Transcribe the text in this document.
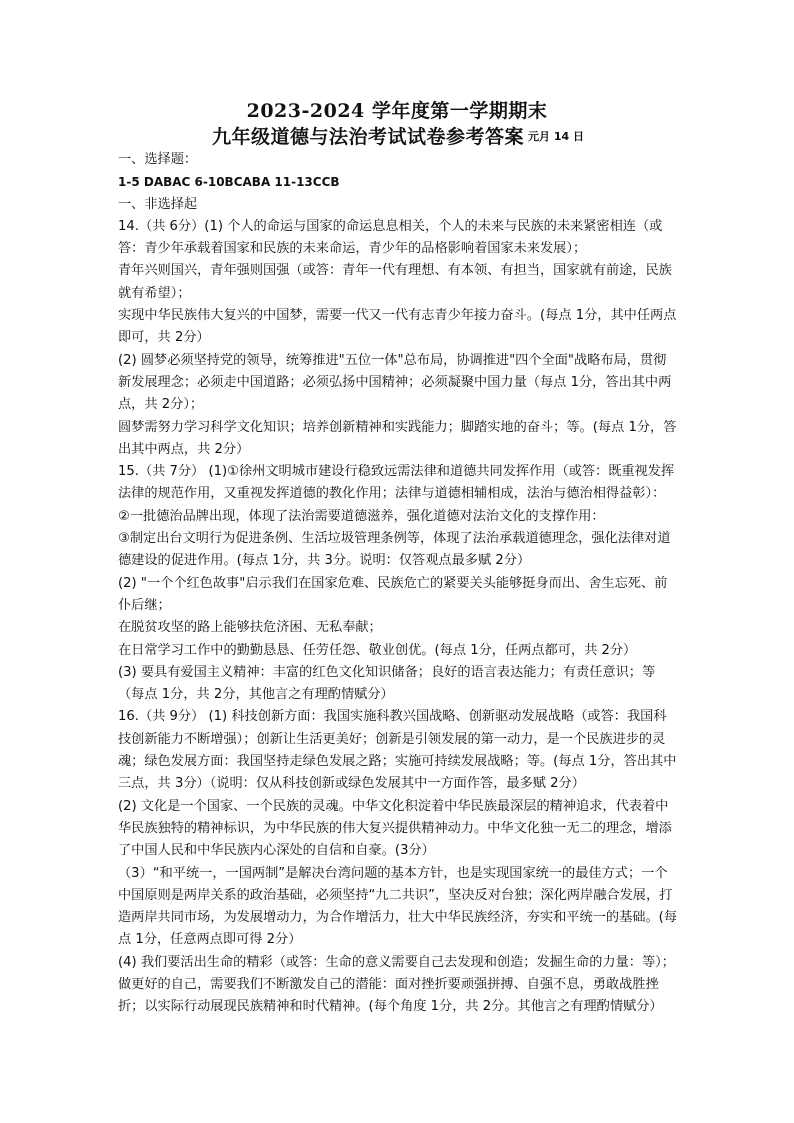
2023-2024 学年度第一学期期末
九年级道德与法治考试试卷参考答案 元月 14 日

一、选择题：

1-5 DABAC 6-10BCABA 11-13CCB

一、非选择起

14.（共 6分）(1) 个人的命运与国家的命运息息相关，个人的未来与民族的未来紧密相连（或答：青少年承载着国家和民族的未来命运，青少年的品格影响着国家未来发展）；

青年兴则国兴，青年强则国强（或答：青年一代有理想、有本领、有担当，国家就有前途，民族就有希望）；

实现中华民族伟大复兴的中国梦，需要一代又一代有志青少年接力奋斗。(每点 1分，其中任两点即可，共 2分）

(2) 圆梦必须坚持党的领导，统筹推进"五位一体"总布局，协调推进"四个全面"战略布局，贯彻新发展理念；必须走中国道路；必须弘扬中国精神；必须凝聚中国力量（每点 1分，答出其中两点，共 2分）；

圆梦需努力学习科学文化知识；培养创新精神和实践能力；脚踏实地的奋斗；等。(每点 1分，答出其中两点，共 2分）

15.（共 7分） (1)①徐州文明城市建设行稳致远需法律和道德共同发挥作用（或答：既重视发挥法律的规范作用，又重视发挥道德的教化作用；法律与道德相辅相成，法治与德治相得益彰）：

②一批德治品牌出现，体现了法治需要道德滋养，强化道德对法治文化的支撑作用：

③制定出台文明行为促进条例、生活垃圾管理条例等，体现了法治承载道德理念，强化法律对道德建设的促进作用。(每点 1分，共 3分。说明：仅答观点最多赋 2分）

(2) "一个个红色故事"启示我们在国家危难、民族危亡的紧要关头能够挺身而出、舍生忘死、前仆后继；

在脱贫攻坚的路上能够扶危济困、无私奉献；

在日常学习工作中的勤勤恳恳、任劳任怨、敬业创优。(每点 1分，任两点都可，共 2分）

(3) 要具有爱国主义精神：丰富的红色文化知识储备；良好的语言表达能力；有责任意识；等（每点 1分，共 2分，其他言之有理酌情赋分）

16.（共 9分） (1) 科技创新方面：我国实施科教兴国战略、创新驱动发展战略（或答：我国科技创新能力不断增强）；创新让生活更美好；创新是引领发展的第一动力，是一个民族进步的灵魂；绿色发展方面：我国坚持走绿色发展之路；实施可持续发展战略；等。(每点 1分，答出其中三点，共 3分）（说明：仅从科技创新或绿色发展其中一方面作答，最多赋 2分）

(2) 文化是一个国家、一个民族的灵魂。中华文化积淀着中华民族最深层的精神追求，代表着中华民族独特的精神标识，为中华民族的伟大复兴提供精神动力。中华文化独一无二的理念，增添了中国人民和中华民族内心深处的自信和自豪。(3分）

（3）“和平统一，一国两制”是解决台湾问题的基本方针，也是实现国家统一的最佳方式；一个中国原则是两岸关系的政治基础，必须坚持“九二共识”，坚决反对台独；深化两岸融合发展，打造两岸共同市场，为发展增动力，为合作增活力，壮大中华民族经济，夯实和平统一的基础。(每点 1分，任意两点即可得 2分）

(4) 我们要活出生命的精彩（或答：生命的意义需要自己去发现和创造；发掘生命的力量：等）；做更好的自己，需要我们不断激发自己的潜能：面对挫折要顽强拼搏、自强不息，勇敢战胜挫折；以实际行动展现民族精神和时代精神。(每个角度 1分，共 2分。其他言之有理酌情赋分）
